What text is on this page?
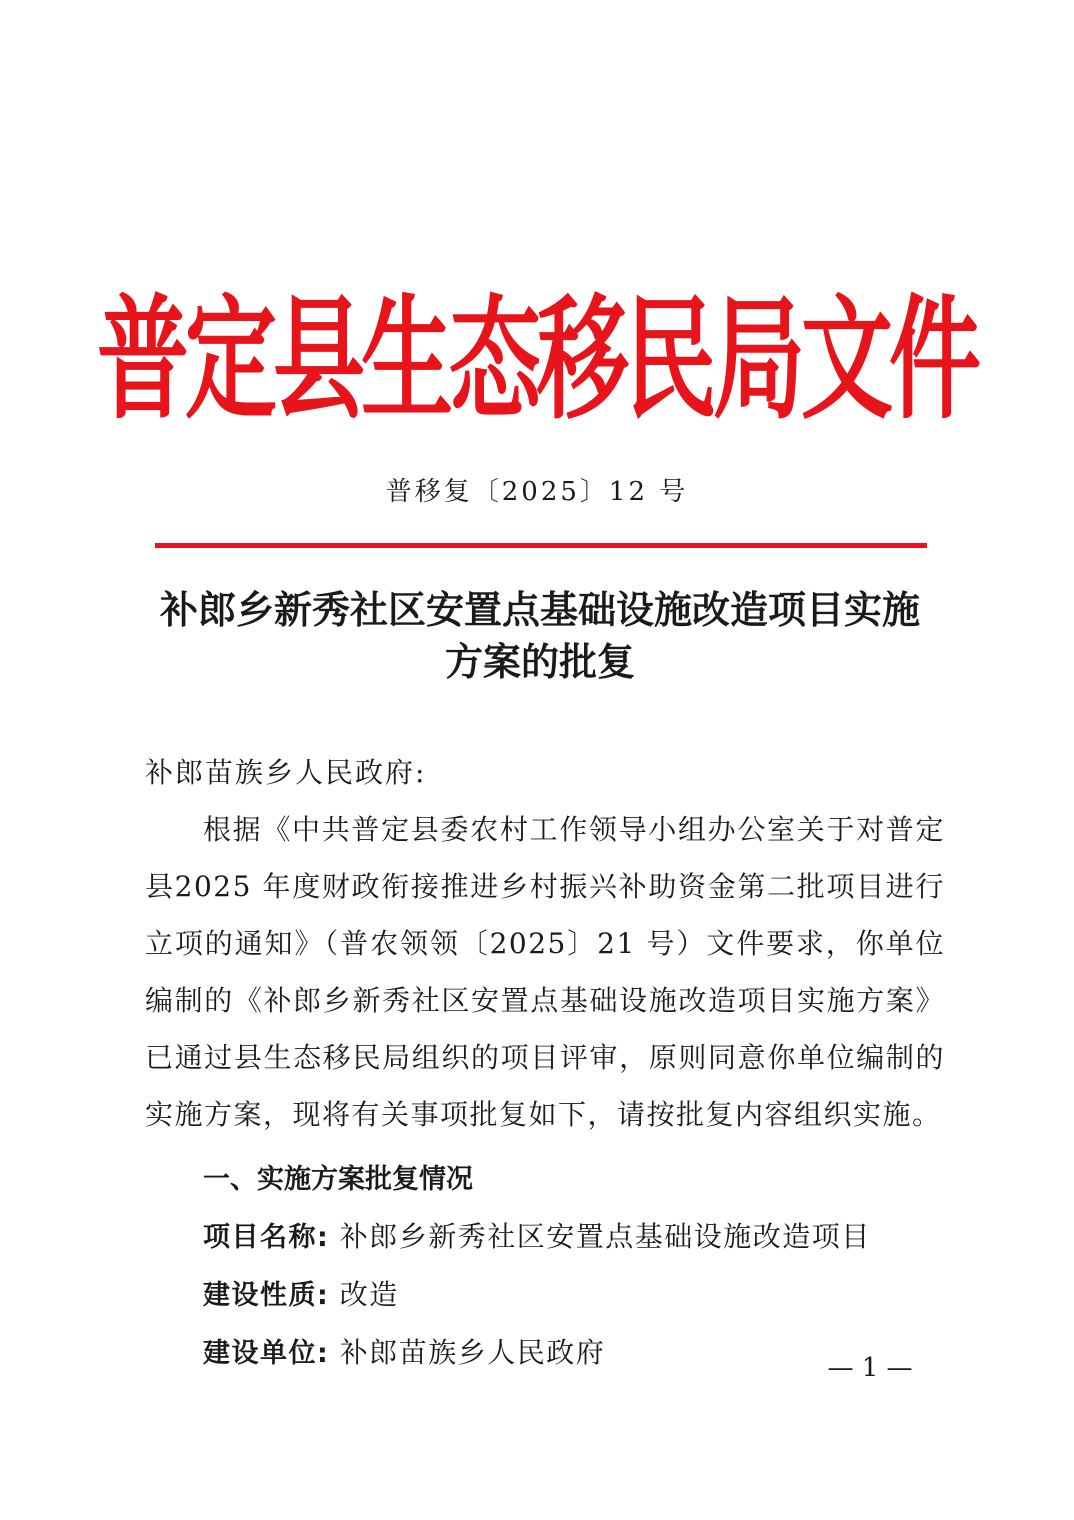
普定县生态移民局文件
普移复〔2025〕12 号
补郎乡新秀社区安置点基础设施改造项目实施
方案的批复

补郎苗族乡人民政府:

根据《中共普定县委农村工作领导小组办公室关于对普定县2025 年度财政衔接推进乡村振兴补助资金第二批项目进行立项的通知》（普农领领〔2025〕21 号）文件要求，你单位编制的《补郎乡新秀社区安置点基础设施改造项目实施方案》已通过县生态移民局组织的项目评审，原则同意你单位编制的实施方案，现将有关事项批复如下，请按批复内容组织实施。

一、实施方案批复情况

项目名称: 补郎乡新秀社区安置点基础设施改造项目

建设性质: 改造

建设单位: 补郎苗族乡人民政府	— 1 —
